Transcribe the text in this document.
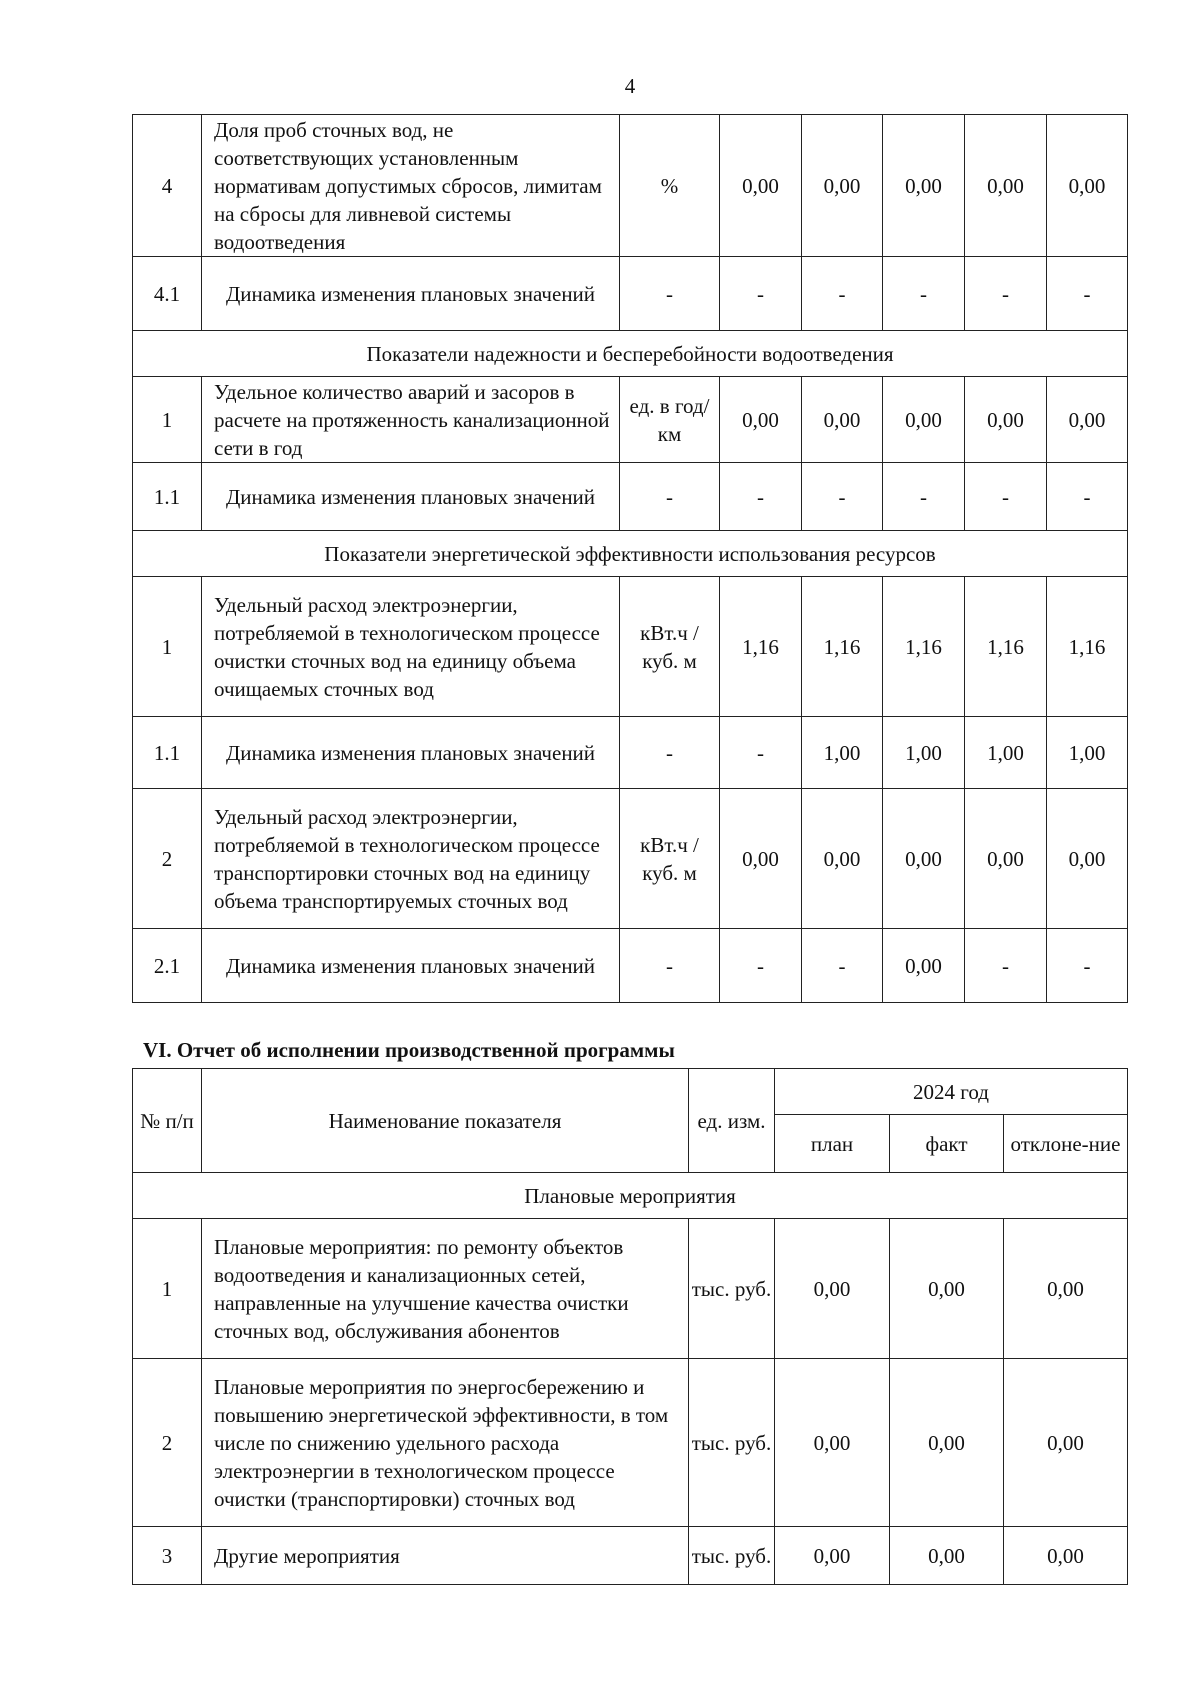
4
4	Доля проб сточных вод, не соответствующих установленным нормативам допустимых сбросов, лимитам на сбросы для ливневой системы водоотведения	%	0,00	0,00	0,00	0,00	0,00
4.1	Динамика изменения плановых значений	-	-	-	-	-	-
Показатели надежности и бесперебойности водоотведения							
1	Удельное количество аварий и засоров в расчете на протяженность канализационной сети в год	ед. в год/ км	0,00	0,00	0,00	0,00	0,00
1.1	Динамика изменения плановых значений	-	-	-	-	-	-
Показатели энергетической эффективности использования ресурсов							
1	Удельный расход электроэнергии, потребляемой в технологическом процессе очистки сточных вод на единицу объема очищаемых сточных вод	кВт.ч / куб. м	1,16	1,16	1,16	1,16	1,16
1.1	Динамика изменения плановых значений	-	-	1,00	1,00	1,00	1,00
2	Удельный расход электроэнергии, потребляемой в технологическом процессе транспортировки сточных вод на единицу объема транспортируемых сточных вод	кВт.ч / куб. м	0,00	0,00	0,00	0,00	0,00
2.1	Динамика изменения плановых значений	-	-	-	0,00	-	-
VI. Отчет об исполнении производственной программы
№ п/п	Наименование показателя	ед. изм.	2024 год		
			план	факт	отклоне-ние
Плановые мероприятия					
1	Плановые мероприятия: по ремонту объектов водоотведения и канализационных сетей, направленные на улучшение качества очистки сточных вод, обслуживания абонентов	тыс. руб.	0,00	0,00	0,00
2	Плановые мероприятия по энергосбережению и повышению энергетической эффективности, в том числе по снижению удельного расхода электроэнергии в технологическом процессе очистки (транспортировки) сточных вод	тыс. руб.	0,00	0,00	0,00
3	Другие мероприятия	тыс. руб.	0,00	0,00	0,00
